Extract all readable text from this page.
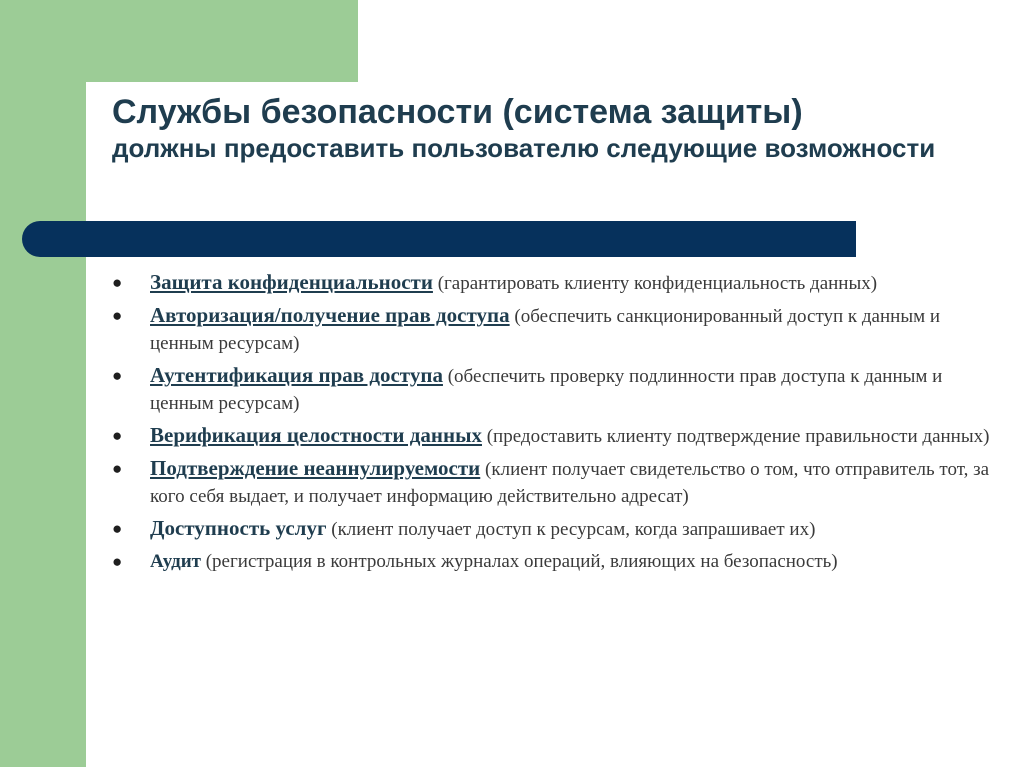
Службы безопасности (система защиты)
должны предоставить пользователю следующие возможности
● Защита конфиденциальности (гарантировать клиенту конфиденциальность данных)
● Авторизация/получение прав доступа (обеспечить санкционированный доступ к данным и ценным ресурсам)
● Аутентификация прав доступа (обеспечить проверку подлинности прав доступа к данным и ценным ресурсам)
● Верификация целостности данных (предоставить клиенту подтверждение правильности данных)
● Подтверждение неаннулируемости (клиент получает свидетельство о том, что отправитель тот, за кого себя выдает, и получает информацию действительно адресат)
● Доступность услуг (клиент получает доступ к ресурсам, когда запрашивает их)
● Аудит (регистрация в контрольных журналах операций, влияющих на безопасность)
